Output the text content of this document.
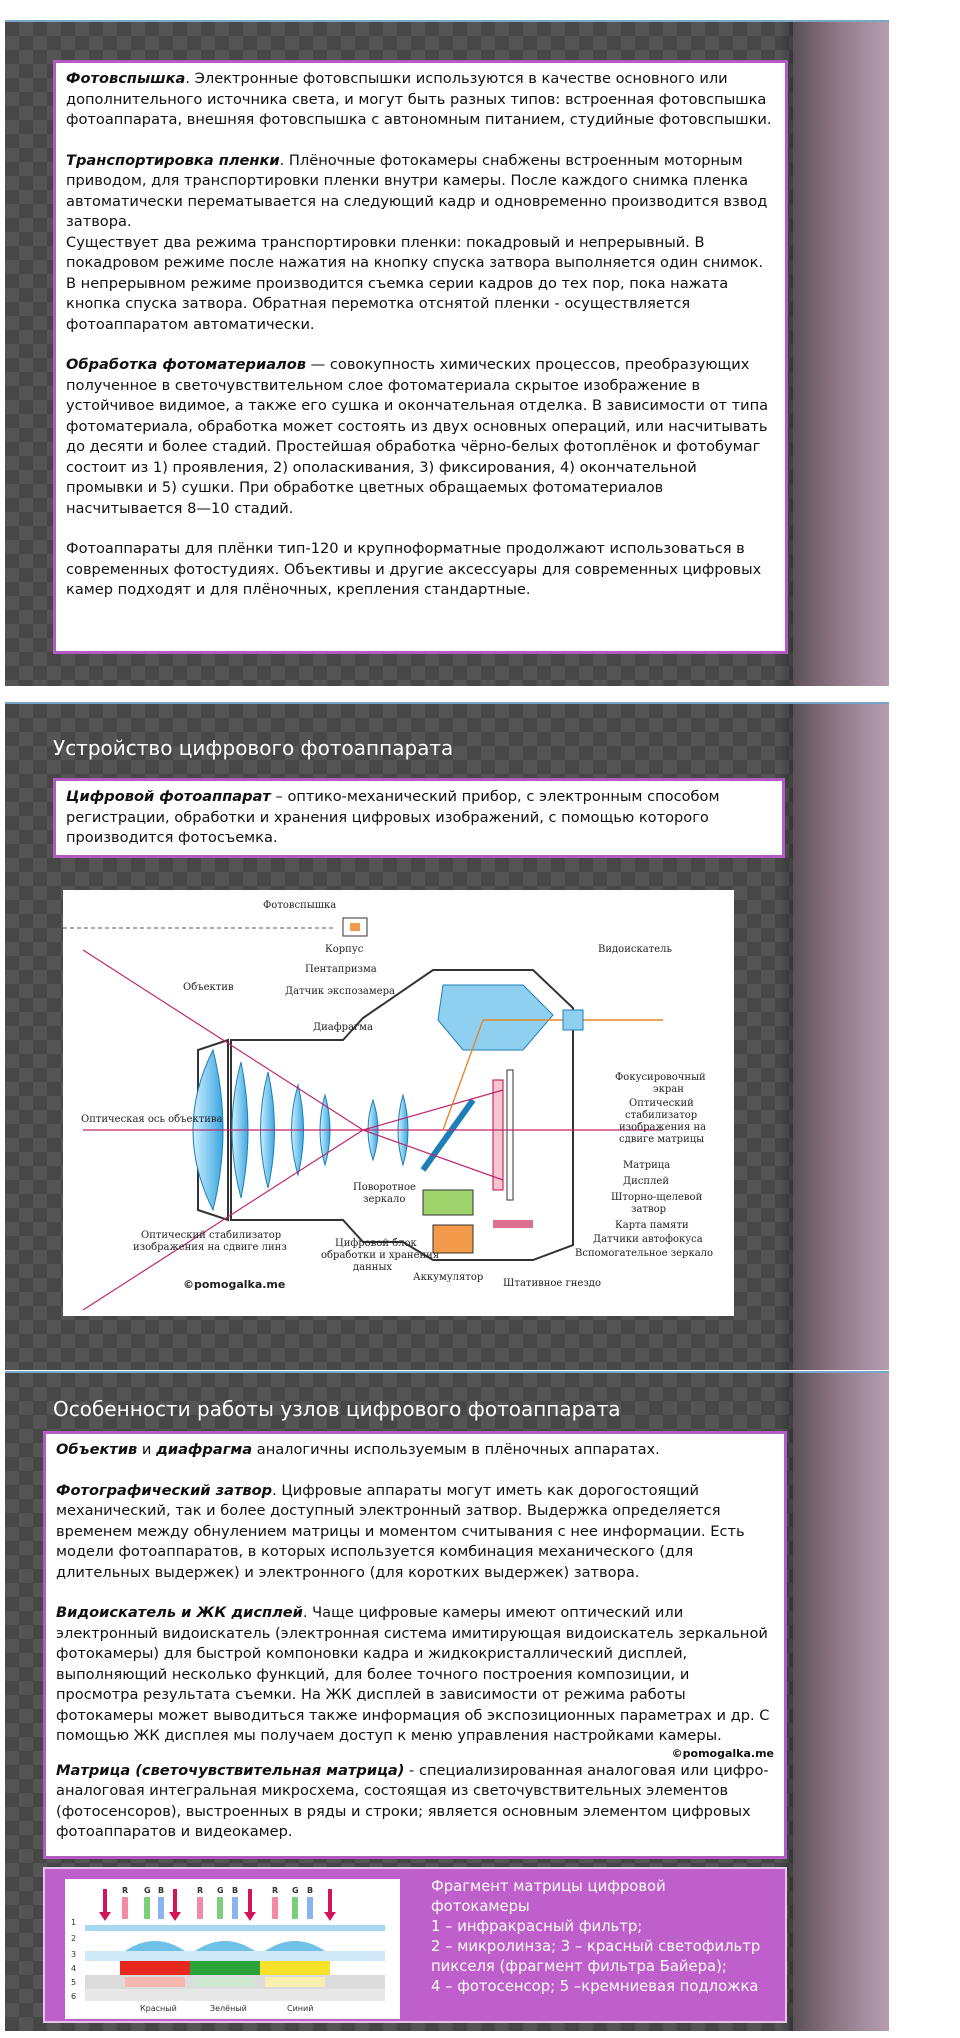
Фотовспышка. Электронные фотовспышки используются в качестве основного или дополнительного источника света, и могут быть разных типов: встроенная фотовспышка фотоаппарата, внешняя фотовспышка с автономным питанием, студийные фотовспышки.

Транспортировка пленки. Плёночные фотокамеры снабжены встроенным моторным приводом, для транспортировки пленки внутри камеры. После каждого снимка пленка автоматически перематывается на следующий кадр и одновременно производится взвод затвора.

Существует два режима транспортировки пленки: покадровый и непрерывный. В покадровом режиме после нажатия на кнопку спуска затвора выполняется один снимок. В непрерывном режиме производится съемка серии кадров до тех пор, пока нажата кнопка спуска затвора. Обратная перемотка отснятой пленки - осуществляется фотоаппаратом автоматически.

Обработка фотоматериалов — совокупность химических процессов, преобразующих полученное в светочувствительном слое фотоматериала скрытое изображение в устойчивое видимое, а также его сушка и окончательная отделка. В зависимости от типа фотоматериала, обработка может состоять из двух основных операций, или насчитывать до десяти и более стадий. Простейшая обработка чёрно-белых фотоплёнок и фотобумаг состоит из 1) проявления, 2) ополаскивания, 3) фиксирования, 4) окончательной промывки и 5) сушки. При обработке цветных обращаемых фотоматериалов насчитывается 8—10 стадий.

Фотоаппараты для плёнки тип-120 и крупноформатные продолжают использоваться в современных фотостудиях. Объективы и другие аксессуары для современных цифровых камер подходят и для плёночных, крепления стандартные.

Устройство цифрового фотоаппарата

Цифровой фотоаппарат – оптико-механический прибор, с электронным способом регистрации, обработки и хранения цифровых изображений, с помощью которого производится фотосъемка.

Фотовспышка
Корпус
Пентапризма
Датчик экспозамера
Объектив
Диафрагма
Видоискатель
Фокусировочный
экран
Оптический
стабилизатор
изображения на
сдвиге матрицы
Оптическая ось объектива
Матрица
Дисплей
Шторно-щелевой
затвор
Поворотное
зеркало
Цифровой блок
обработки и хранения
данных
Оптический стабилизатор
изображения на сдвиге линз
Карта памяти
Датчики автофокуса
Вспомогательное зеркало
Аккумулятор
Штативное гнездо
©pomogalka.me
Особенности работы узлов цифрового фотоаппарата

Объектив и диафрагма аналогичны используемым в плёночных аппаратах.

Фотографический затвор. Цифровые аппараты могут иметь как дорогостоящий механический, так и более доступный электронный затвор. Выдержка определяется временем между обнулением матрицы и моментом считывания с нее информации. Есть модели фотоаппаратов, в которых используется комбинация механического (для длительных выдержек) и электронного (для коротких выдержек) затвора.

Видоискатель и ЖК дисплей. Чаще цифровые камеры имеют оптический или электронный видоискатель (электронная система имитирующая видоискатель зеркальной фотокамеры) для быстрой компоновки кадра и жидкокристаллический дисплей, выполняющий несколько функций, для более точного построения композиции, и просмотра результата съемки. На ЖК дисплей в зависимости от режима работы фотокамеры может выводиться также информация об экспозиционных параметрах и др. С помощью ЖК дисплея мы получаем доступ к меню управления настройками камеры.

©pomogalka.me

Матрица (светочувствительная матрица) - специализированная аналоговая или цифро-аналоговая интегральная микросхема, состоящая из светочувствительных элементов (фотосенсоров), выстроенных в ряды и строки; является основным элементом цифровых фотоаппаратов и видеокамер.

R G B	R G B	R G B
1
2
3
4
5
6
Красный	Зелёный	Синий

Фрагмент матрицы цифровой

фотокамеры

1 – инфракрасный фильтр;

2 – микролинза; 3 – красный светофильтр

пикселя (фрагмент фильтра Байера);

4 – фотосенсор; 5 –кремниевая подложка
